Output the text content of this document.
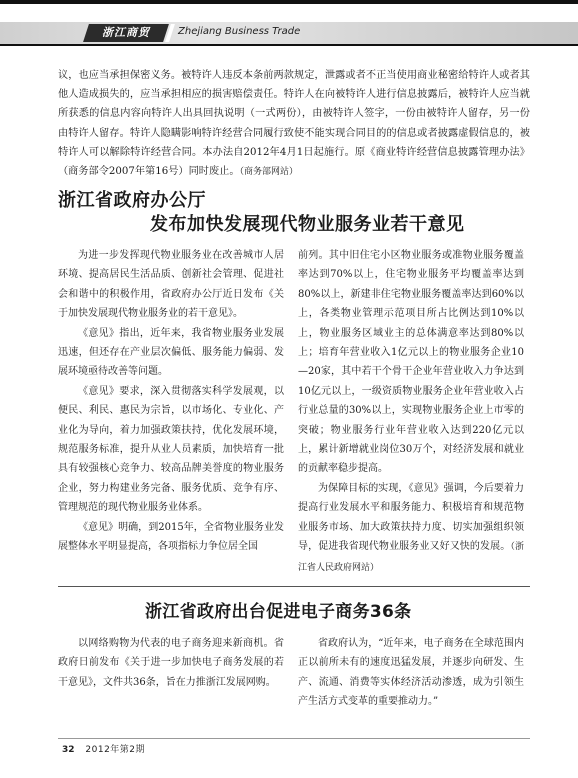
浙江商贸	Zhejiang Business Trade

议，也应当承担保密义务。被特许人违反本条前两款规定，泄露或者不正当使用商业秘密给特许人或者其他人造成损失的，应当承担相应的损害赔偿责任。特许人在向被特许人进行信息披露后，被特许人应当就所获悉的信息内容向特许人出具回执说明（一式两份），由被特许人签字，一份由被特许人留存，另一份由特许人留存。特许人隐瞒影响特许经营合同履行致使不能实现合同目的的信息或者披露虚假信息的，被特许人可以解除特许经营合同。本办法自2012年4月1日起施行。原《商业特许经营信息披露管理办法》（商务部令2007年第16号）同时废止。（商务部网站）

浙江省政府办公厅
发布加快发展现代物业服务业若干意见

为进一步发挥现代物业服务业在改善城市人居环境、提高居民生活品质、创新社会管理、促进社会和谐中的积极作用，省政府办公厅近日发布《关于加快发展现代物业服务业的若干意见》。

《意见》指出，近年来，我省物业服务业发展迅速，但还存在产业层次偏低、服务能力偏弱、发展环境亟待改善等问题。

《意见》要求，深入贯彻落实科学发展观，以便民、利民、惠民为宗旨，以市场化、专业化、产业化为导向，着力加强政策扶持，优化发展环境，规范服务标准，提升从业人员素质，加快培育一批具有较强核心竞争力、较高品牌美誉度的物业服务企业，努力构建业务完备、服务优质、竞争有序、管理规范的现代物业服务业体系。

《意见》明确，到2015年，全省物业服务业发展整体水平明显提高，各项指标力争位居全国

前列。其中旧住宅小区物业服务或准物业服务覆盖率达到70%以上，住宅物业服务平均覆盖率达到80%以上，新建非住宅物业服务覆盖率达到60%以上，各类物业管理示范项目所占比例达到10%以上，物业服务区域业主的总体满意率达到80%以上；培育年营业收入1亿元以上的物业服务企业10—20家，其中若干个骨干企业年营业收入力争达到10亿元以上，一级资质物业服务企业年营业收入占行业总量的30%以上，实现物业服务企业上市零的突破；物业服务行业年营业收入达到220亿元以上，累计新增就业岗位30万个，对经济发展和就业的贡献率稳步提高。

为保障目标的实现，《意见》强调，今后要着力提高行业发展水平和服务能力、积极培育和规范物业服务市场、加大政策扶持力度、切实加强组织领导，促进我省现代物业服务业又好又快的发展。（浙江省人民政府网站）

浙江省政府出台促进电子商务36条

以网络购物为代表的电子商务迎来新商机。省政府日前发布《关于进一步加快电子商务发展的若干意见》，文件共36条，旨在力推浙江发展网购。

省政府认为，“近年来，电子商务在全球范围内正以前所未有的速度迅猛发展，并逐步向研发、生产、流通、消费等实体经济活动渗透，成为引领生产生活方式变革的重要推动力。”

32 2012年第2期
